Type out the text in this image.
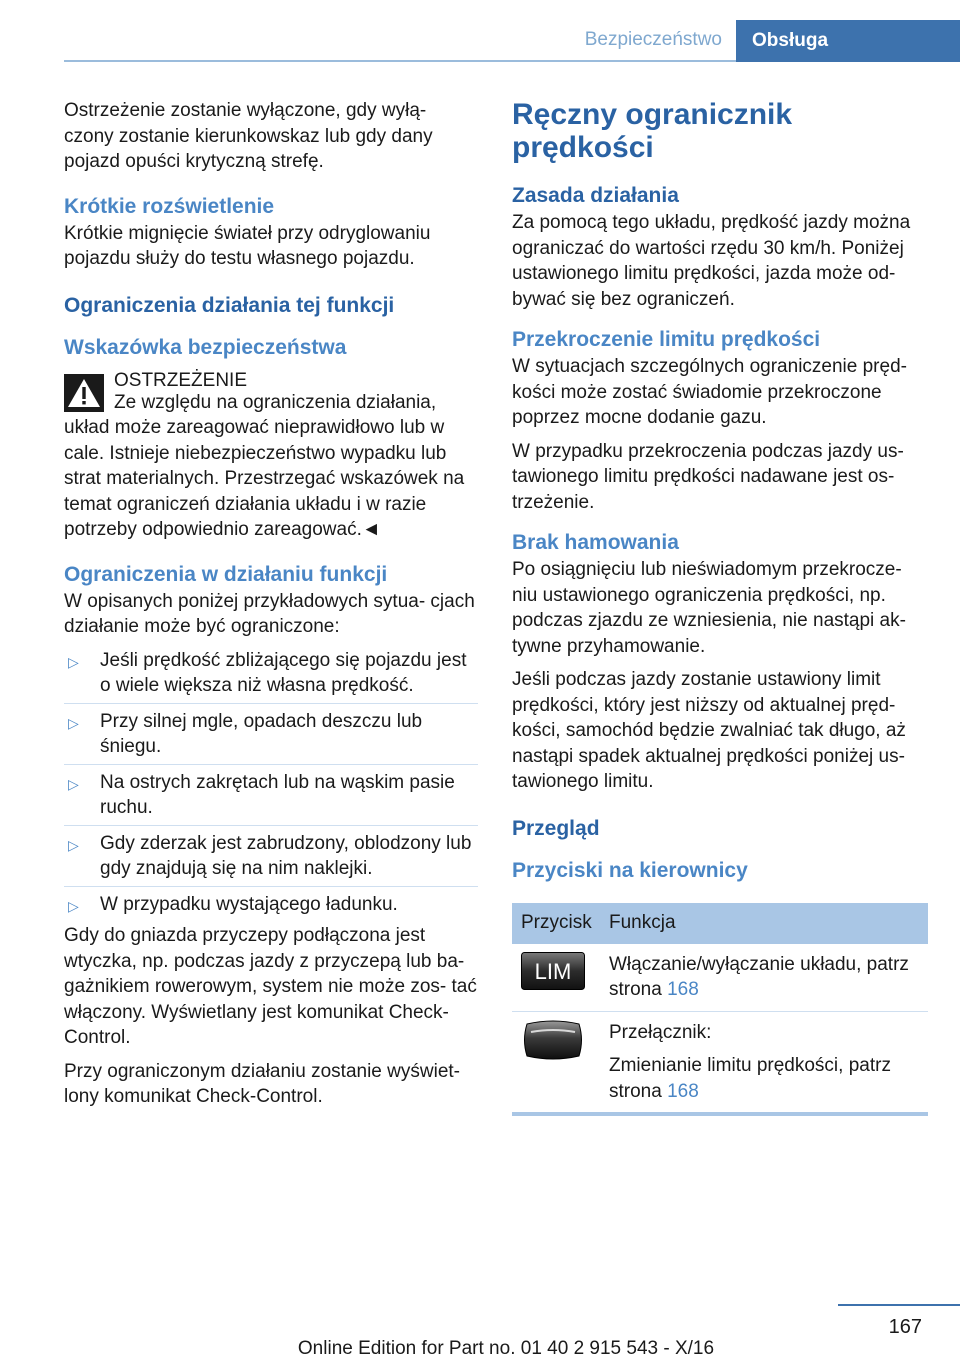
Bezpieczeństwo	Obsługa

Ostrzeżenie zostanie wyłączone, gdy wyłą‐ czony zostanie kierunkowskaz lub gdy dany pojazd opuści krytyczną strefę.

Krótkie rozświetlenie

Krótkie mignięcie świateł przy odryglowaniu pojazdu służy do testu własnego pojazdu.

Ograniczenia działania tej funkcji
Wskazówka bezpieczeństwa
OSTRZEŻENIE

Ze względu na ograniczenia działania, układ może zareagować nieprawidłowo lub w cale. Istnieje niebezpieczeństwo wypadku lub strat materialnych. Przestrzegać wskazówek na temat ograniczeń działania układu i w razie potrzeby odpowiednio zareagować.◄

Ograniczenia w działaniu funkcji

W opisanych poniżej przykładowych sytua‐ cjach działanie może być ograniczone:

▷ Jeśli prędkość zbliżającego się pojazdu jest o wiele większa niż własna prędkość.
▷ Przy silnej mgle, opadach deszczu lub śniegu.
▷ Na ostrych zakrętach lub na wąskim pasie ruchu.
▷ Gdy zderzak jest zabrudzony, oblodzony lub gdy znajdują się na nim naklejki.
▷ W przypadku wystającego ładunku.

Gdy do gniazda przyczepy podłączona jest wtyczka, np. podczas jazdy z przyczepą lub ba‐ gażnikiem rowerowym, system nie może zos‐ tać włączony. Wyświetlany jest komunikat Check-Control.

Przy ograniczonym działaniu zostanie wyświet‐ lony komunikat Check-Control.

Ręczny ogranicznik prędkości
Zasada działania

Za pomocą tego układu, prędkość jazdy można ograniczać do wartości rzędu 30 km/h. Poniżej ustawionego limitu prędkości, jazda może od‐ bywać się bez ograniczeń.

Przekroczenie limitu prędkości

W sytuacjach szczególnych ograniczenie pręd‐ kości może zostać świadomie przekroczone poprzez mocne dodanie gazu.

W przypadku przekroczenia podczas jazdy us‐ tawionego limitu prędkości nadawane jest os‐ trzeżenie.

Brak hamowania

Po osiągnięciu lub nieświadomym przekrocze‐ niu ustawionego ograniczenia prędkości, np. podczas zjazdu ze wzniesienia, nie nastąpi ak‐ tywne przyhamowanie.

Jeśli podczas jazdy zostanie ustawiony limit prędkości, który jest niższy od aktualnej pręd‐ kości, samochód będzie zwalniać tak długo, aż nastąpi spadek aktualnej prędkości poniżej us‐ tawionego limitu.

Przegląd
Przyciski na kierownicy
Przycisk	Funkcja

LIM	Włączanie/wyłączanie układu, patrz strona 168

Przełącznik:
Zmienianie limitu prędkości, patrz strona 168
167
Online Edition for Part no. 01 40 2 915 543 - X/16
